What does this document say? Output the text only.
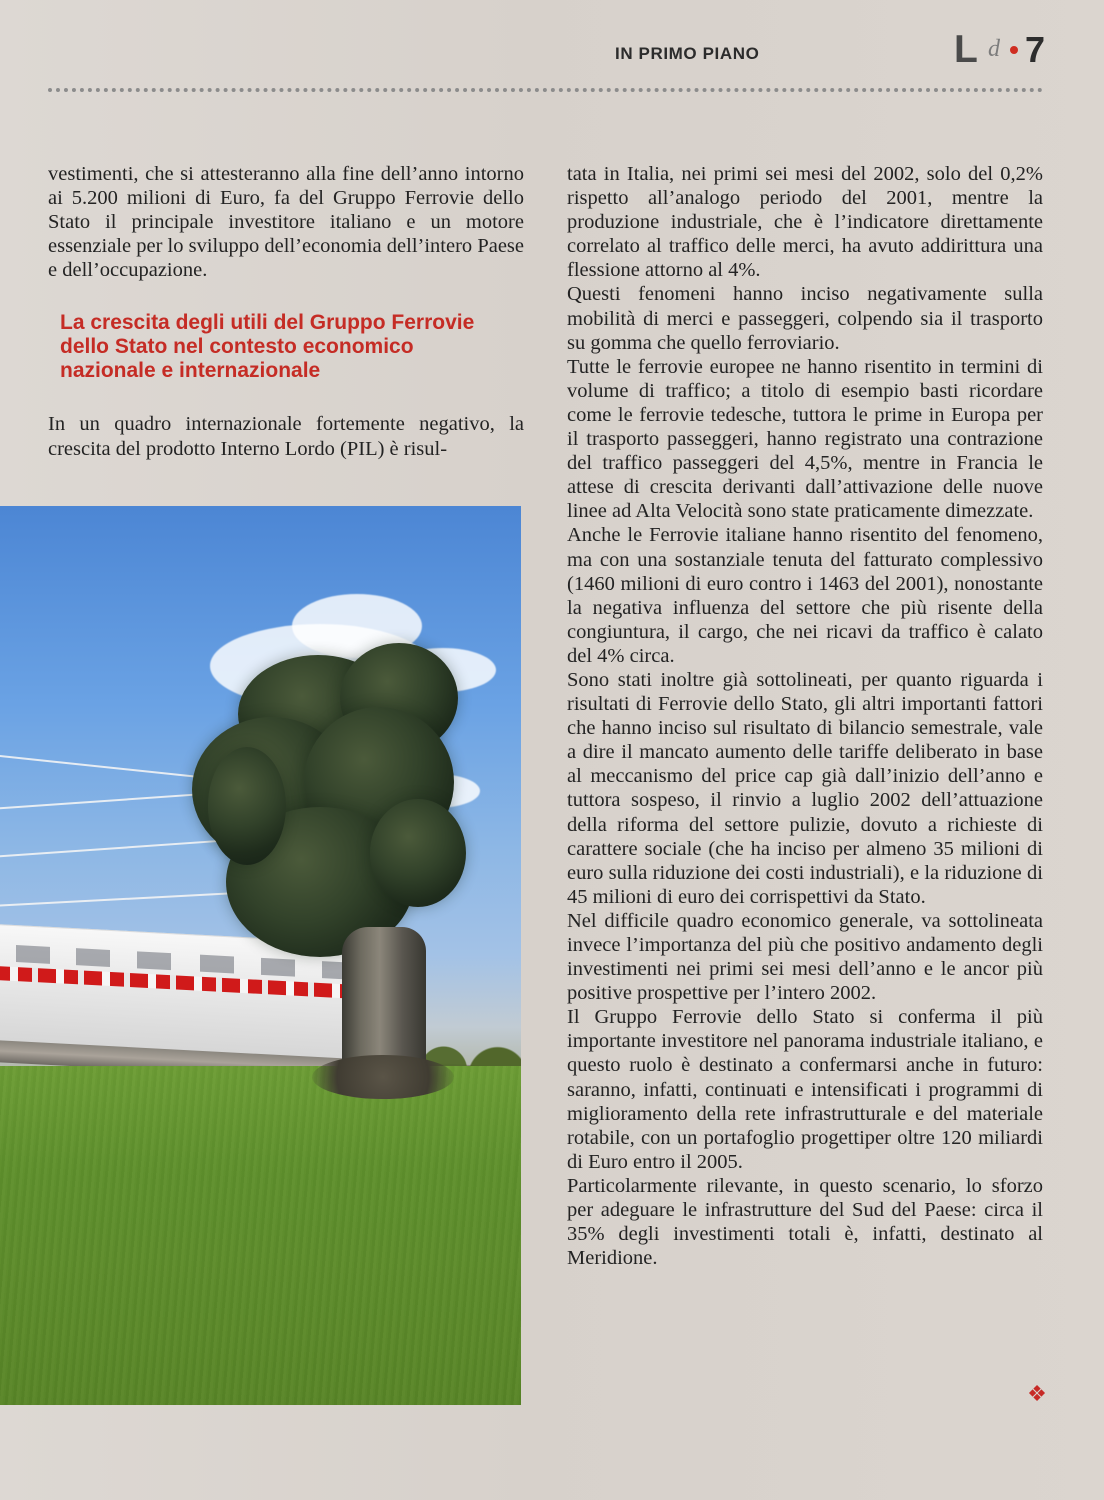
IN PRIMO PIANO	L d 7

vestimenti, che si attesteranno alla fine dell’anno intorno ai 5.200 milioni di Euro, fa del Gruppo Ferrovie dello Stato il principale investitore italiano e un motore essenziale per lo sviluppo dell’economia dell’intero Paese e dell’occupazione.

La crescita degli utili del Gruppo Ferrovie dello Stato nel contesto economico nazionale e internazionale

In un quadro internazionale fortemente negativo, la crescita del prodotto Interno Lordo (PIL) è risul-

tata in Italia, nei primi sei mesi del 2002, solo del 0,2% rispetto all’analogo periodo del 2001, mentre la produzione industriale, che è l’indicatore direttamente correlato al traffico delle merci, ha avuto addirittura una flessione attorno al 4%.

Questi fenomeni hanno inciso negativamente sulla mobilità di merci e passeggeri, colpendo sia il trasporto su gomma che quello ferroviario.

Tutte le ferrovie europee ne hanno risentito in termini di volume di traffico; a titolo di esempio basti ricordare come le ferrovie tedesche, tuttora le prime in Europa per il trasporto passeggeri, hanno registrato una contrazione del traffico passeggeri del 4,5%, mentre in Francia le attese di crescita derivanti dall’attivazione delle nuove linee ad Alta Velocità sono state praticamente dimezzate.

Anche le Ferrovie italiane hanno risentito del fenomeno, ma con una sostanziale tenuta del fatturato complessivo (1460 milioni di euro contro i 1463 del 2001), nonostante la negativa influenza del settore che più risente della congiuntura, il cargo, che nei ricavi da traffico è calato del 4% circa.

Sono stati inoltre già sottolineati, per quanto riguarda i risultati di Ferrovie dello Stato, gli altri importanti fattori che hanno inciso sul risultato di bilancio semestrale, vale a dire il mancato aumento delle tariffe deliberato in base al meccanismo del price cap già dall’inizio dell’anno e tuttora sospeso, il rinvio a luglio 2002 dell’attuazione della riforma del settore pulizie, dovuto a richieste di carattere sociale (che ha inciso per almeno 35 milioni di euro sulla riduzione dei costi industriali), e la riduzione di 45 milioni di euro dei corrispettivi da Stato.

Nel difficile quadro economico generale, va sottolineata invece l’importanza del più che positivo andamento degli investimenti nei primi sei mesi dell’anno e le ancor più positive prospettive per l’intero 2002.

Il Gruppo Ferrovie dello Stato si conferma il più importante investitore nel panorama industriale italiano, e questo ruolo è destinato a confermarsi anche in futuro: saranno, infatti, continuati e intensificati i programmi di miglioramento della rete infrastrutturale e del materiale rotabile, con un portafoglio progettiper oltre 120 miliardi di Euro entro il 2005.

Particolarmente rilevante, in questo scenario, lo sforzo per adeguare le infrastrutture del Sud del Paese: circa il 35% degli investimenti totali è, infatti, destinato al Meridione.

❖
